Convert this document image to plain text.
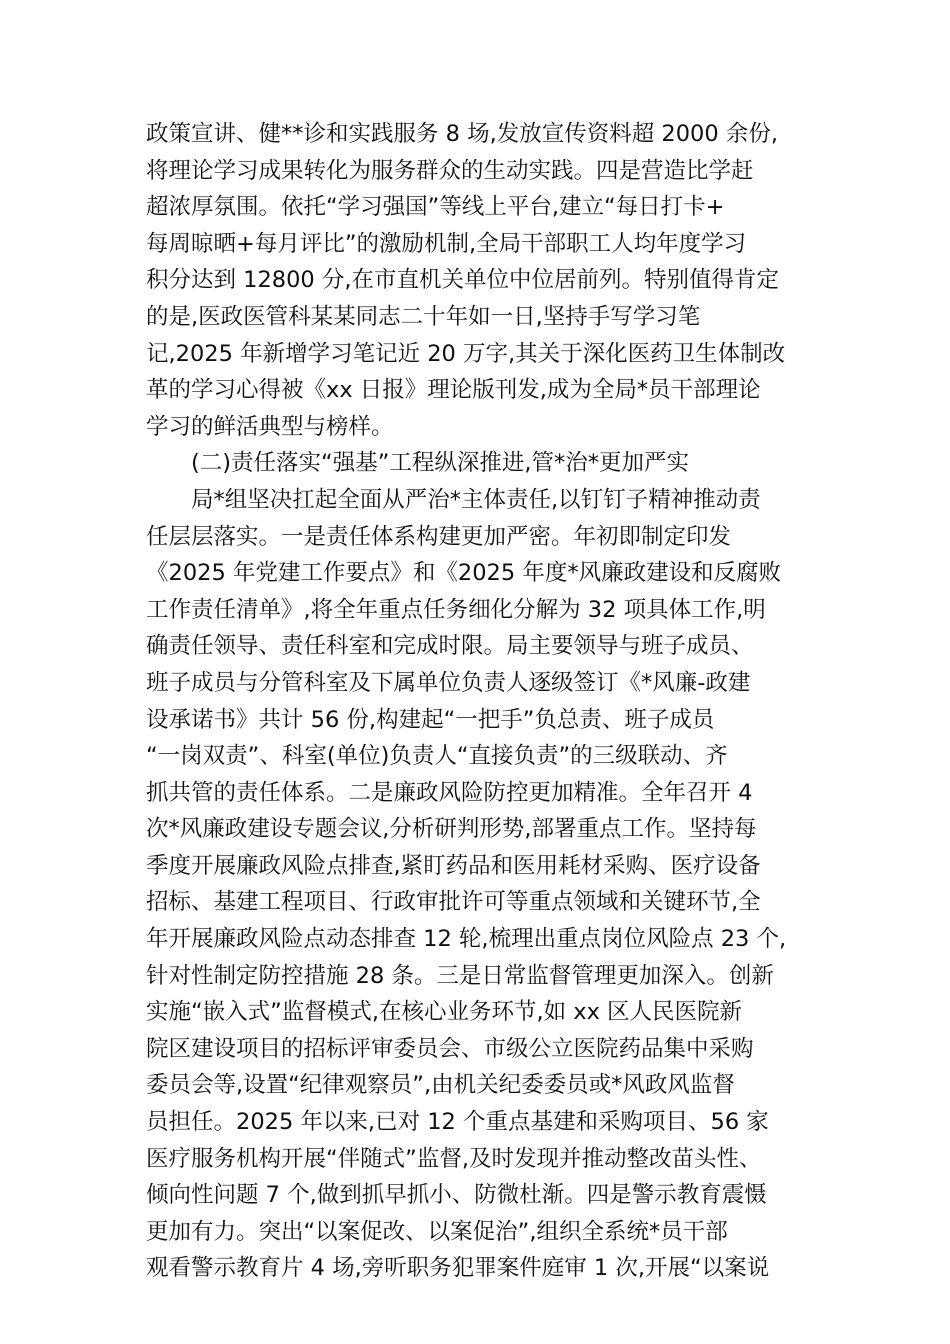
政策宣讲、健**诊和实践服务 8 场,发放宣传资料超 2000 余份,
将理论学习成果转化为服务群众的生动实践。四是营造比学赶
超浓厚氛围。依托“学习强国”等线上平台,建立“每日打卡+
每周晾晒+每月评比”的激励机制,全局干部职工人均年度学习
积分达到 12800 分,在市直机关单位中位居前列。特别值得肯定
的是,医政医管科某某同志二十年如一日,坚持手写学习笔
记,2025 年新增学习笔记近 20 万字,其关于深化医药卫生体制改
革的学习心得被《xx 日报》理论版刊发,成为全局*员干部理论
学习的鲜活典型与榜样。
(二)责任落实“强基”工程纵深推进,管*治*更加严实
局*组坚决扛起全面从严治*主体责任,以钉钉子精神推动责
任层层落实。一是责任体系构建更加严密。年初即制定印发
《2025 年党建工作要点》和《2025 年度*风廉政建设和反腐败
工作责任清单》,将全年重点任务细化分解为 32 项具体工作,明
确责任领导、责任科室和完成时限。局主要领导与班子成员、
班子成员与分管科室及下属单位负责人逐级签订《*风廉-政建
设承诺书》共计 56 份,构建起“一把手”负总责、班子成员
“一岗双责”、科室(单位)负责人“直接负责”的三级联动、齐
抓共管的责任体系。二是廉政风险防控更加精准。全年召开 4
次*风廉政建设专题会议,分析研判形势,部署重点工作。坚持每
季度开展廉政风险点排查,紧盯药品和医用耗材采购、医疗设备
招标、基建工程项目、行政审批许可等重点领域和关键环节,全
年开展廉政风险点动态排查 12 轮,梳理出重点岗位风险点 23 个,
针对性制定防控措施 28 条。三是日常监督管理更加深入。创新
实施“嵌入式”监督模式,在核心业务环节,如 xx 区人民医院新
院区建设项目的招标评审委员会、市级公立医院药品集中采购
委员会等,设置“纪律观察员”,由机关纪委委员或*风政风监督
员担任。2025 年以来,已对 12 个重点基建和采购项目、56 家
医疗服务机构开展“伴随式”监督,及时发现并推动整改苗头性、
倾向性问题 7 个,做到抓早抓小、防微杜渐。四是警示教育震慑
更加有力。突出“以案促改、以案促治”,组织全系统*员干部
观看警示教育片 4 场,旁听职务犯罪案件庭审 1 次,开展“以案说
